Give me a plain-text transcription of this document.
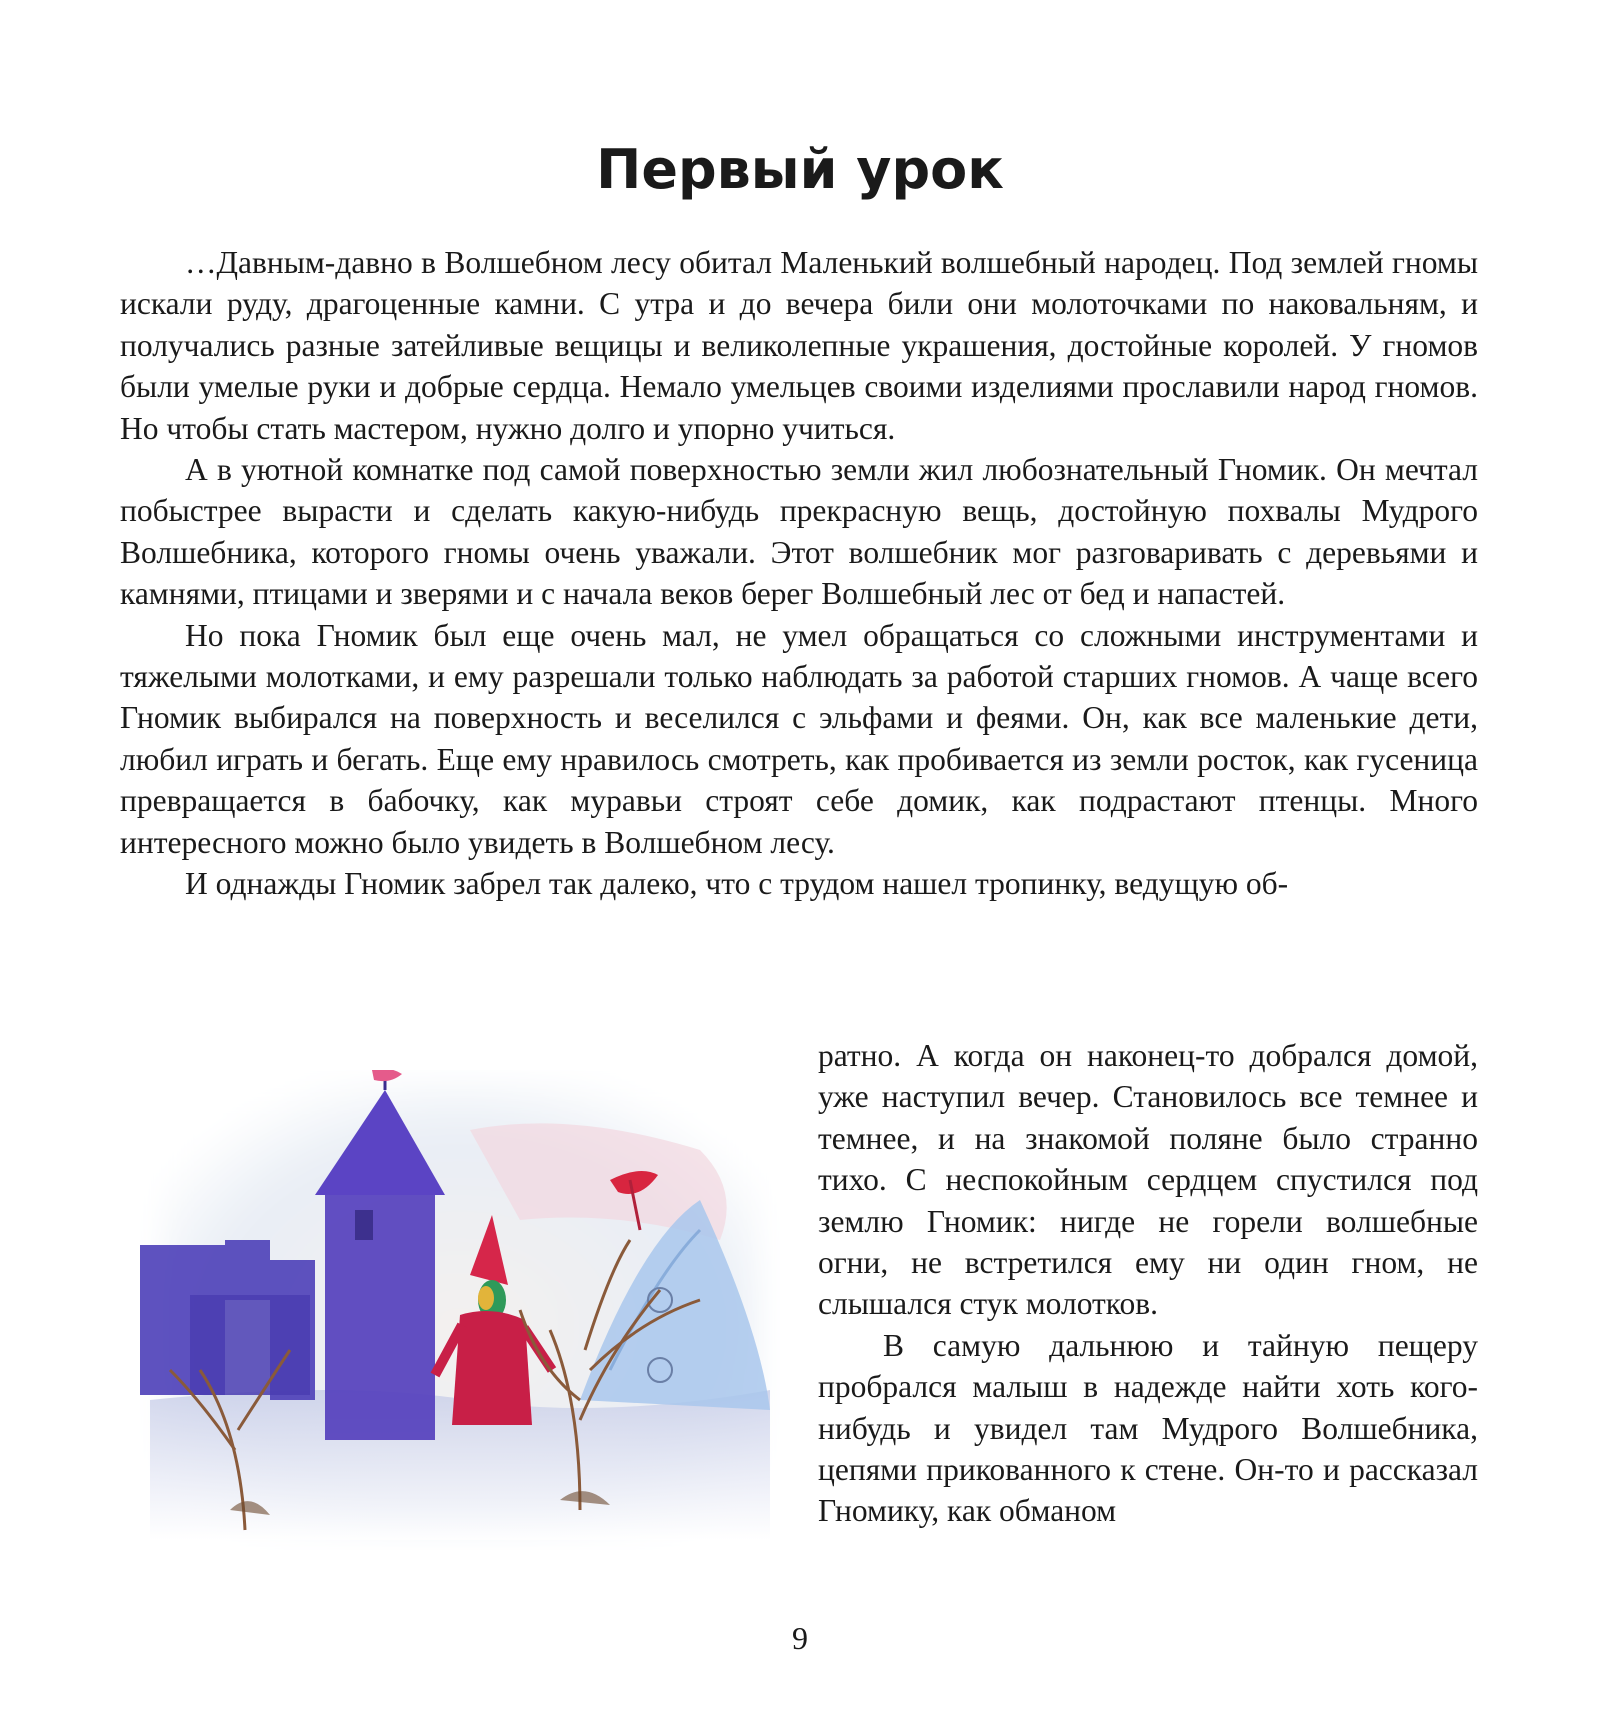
Первый урок

…Давным-давно в Волшебном лесу обитал Маленький волшебный народец. Под землей гномы искали руду, драгоценные камни. С утра и до вечера били они молоточками по наковальням, и получались разные затейливые вещицы и великолепные украшения, достойные королей. У гномов были умелые руки и добрые сердца. Немало умельцев своими изделиями прославили народ гномов. Но чтобы стать мастером, нужно долго и упорно учиться.

А в уютной комнатке под самой поверхностью земли жил любознательный Гномик. Он мечтал побыстрее вырасти и сделать какую-нибудь прекрасную вещь, достойную похвалы Мудрого Волшебника, которого гномы очень уважали. Этот волшебник мог разговаривать с деревьями и камнями, птицами и зверями и с начала веков берег Волшебный лес от бед и напастей.

Но пока Гномик был еще очень мал, не умел обращаться со сложными инструментами и тяжелыми молотками, и ему разрешали только наблюдать за работой старших гномов. А чаще всего Гномик выбирался на поверхность и веселился с эльфами и феями. Он, как все маленькие дети, любил играть и бегать. Еще ему нравилось смотреть, как пробивается из земли росток, как гусеница превращается в бабочку, как муравьи строят себе домик, как подрастают птенцы. Много интересного можно было увидеть в Волшебном лесу.

И однажды Гномик забрел так далеко, что с трудом нашел тропинку, ведущую об-

ратно. А когда он наконец-то добрался домой, уже наступил вечер. Становилось все темнее и темнее, и на знакомой поляне было странно тихо. С неспокойным сердцем спустился под землю Гномик: нигде не горели волшебные огни, не встретился ему ни один гном, не слышался стук молотков.

В самую дальнюю и тайную пещеру пробрался малыш в надежде найти хоть кого-нибудь и увидел там Мудрого Волшебника, цепями прикованного к стене. Он-то и рассказал Гномику, как обманом

9
